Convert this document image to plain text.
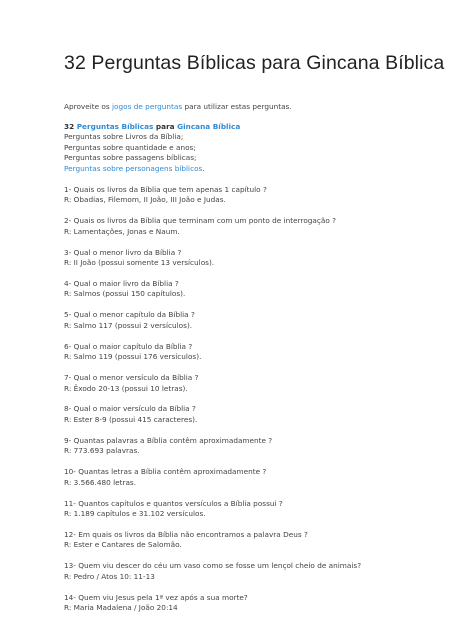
32 Perguntas Bíblicas para Gincana Bíblica

Aproveite os jogos de perguntas para utilizar estas perguntas.

32 Perguntas Bíblicas para Gincana Bíblica

Perguntas sobre Livros da Bíblia;

Perguntas sobre quantidade e anos;

Perguntas sobre passagens bíblicas;

Perguntas sobre personagens bíblicos.

1- Quais os livros da Bíblia que tem apenas 1 capítulo ?

R: Obadias, Filemom, II João, III João e Judas.

2- Quais os livros da Bíblia que terminam com um ponto de interrogação ?

R: Lamentações, Jonas e Naum.

3- Qual o menor livro da Bíblia ?

R: II João (possui somente 13 versículos).

4- Qual o maior livro da Bíblia ?

R: Salmos (possui 150 capítulos).

5- Qual o menor capítulo da Bíblia ?

R: Salmo 117 (possui 2 versículos).

6- Qual o maior capítulo da Bíblia ?

R: Salmo 119 (possui 176 versículos).

7- Qual o menor versículo da Bíblia ?

R: Êxodo 20-13 (possui 10 letras).

8- Qual o maior versículo da Bíblia ?

R: Ester 8-9 (possui 415 caracteres).

9- Quantas palavras a Bíblia contêm aproximadamente ?

R: 773.693 palavras.

10- Quantas letras a Bíblia contêm aproximadamente ?

R: 3.566.480 letras.

11- Quantos capítulos e quantos versículos a Bíblia possui ?

R: 1.189 capítulos e 31.102 versículos.

12- Em quais os livros da Bíblia não encontramos a palavra Deus ?

R: Ester e Cantares de Salomão.

13- Quem viu descer do céu um vaso como se fosse um lençol cheio de animais?

R: Pedro / Atos 10: 11-13

14- Quem viu Jesus pela 1ª vez após a sua morte?

R: Maria Madalena / João 20:14
